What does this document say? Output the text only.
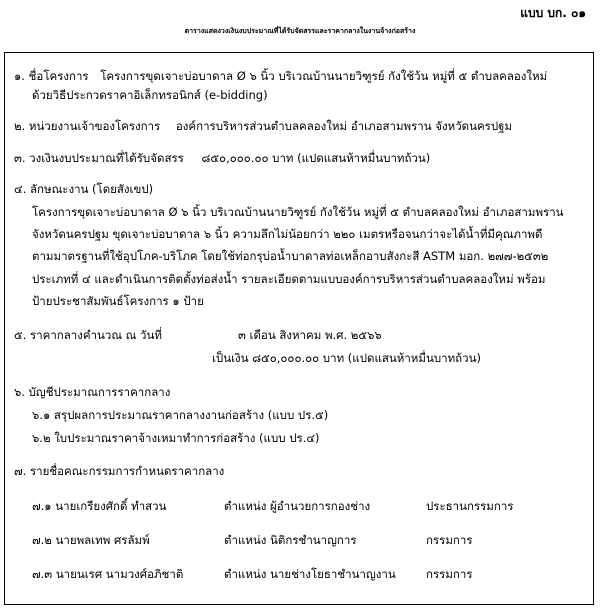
แบบ บก. ๐๑
ตารางแสดงวงเงินงบประมาณที่ได้รับจัดสรรและราคากลางในงานจ้างก่อสร้าง
๑. ชื่อโครงการ โครงการขุดเจาะบ่อบาดาล Ø ๖ นิ้ว บริเวณบ้านนายวิฑูรย์ กังใช้ว้น หมู่ที่ ๕ ตำบลคลองใหม่
ด้วยวิธีประกวดราคาอิเล็กทรอนิกส์ (e-bidding)
๒. หน่วยงานเจ้าของโครงการ องค์การบริหารส่วนตำบลคลองใหม่ อำเภอสามพราน จังหวัดนครปฐม
๓. วงเงินงบประมาณที่ได้รับจัดสรร ๘๕๐,๐๐๐.๐๐ บาท (แปดแสนห้าหมื่นบาทถ้วน)
๔. ลักษณะงาน (โดยสังเขป)
โครงการขุดเจาะบ่อบาดาล Ø ๖ นิ้ว บริเวณบ้านนายวิฑูรย์ กังใช้ว้น หมู่ที่ ๕ ตำบลคลองใหม่ อำเภอสามพราน
จังหวัดนครปฐม ขุดเจาะบ่อบาดาล ๖ นิ้ว ความลึกไม่น้อยกว่า ๒๒๐ เมตรหรือจนกว่าจะได้น้ำที่มีคุณภาพดี
ตามมาตรฐานที่ใช้อุปโภค-บริโภค โดยใช้ท่อกรุบ่อน้ำบาดาลท่อเหล็กอาบสังกะสี ASTM มอก. ๒๗๗-๒๕๓๒
ประเภทที่ ๔ และดำเนินการติดตั้งท่อส่งน้ำ รายละเอียดตามแบบองค์การบริหารส่วนตำบลคลองใหม่ พร้อม
ป้ายประชาสัมพันธ์โครงการ ๑ ป้าย
๕. ราคากลางคำนวณ ณ วันที่	๓ เดือน สิงหาคม พ.ศ. ๒๕๖๖
เป็นเงิน ๘๕๐,๐๐๐.๐๐ บาท (แปดแสนห้าหมื่นบาทถ้วน)
๖. บัญชีประมาณการราคากลาง
๖.๑ สรุปผลการประมาณราคากลางงานก่อสร้าง (แบบ ปร.๕)
๖.๒ ใบประมาณราคาจ้างเหมาทำการก่อสร้าง (แบบ ปร.๔)
๗. รายชื่อคณะกรรมการกำหนดราคากลาง
๗.๑ นายเกรียงศักดิ์ ทำสวน	ตำแหน่ง ผู้อำนวยการกองช่าง	ประธานกรรมการ
๗.๒ นายพลเทพ ศรลัมพ์	ตำแหน่ง นิติกรชำนาญการ	กรรมการ
๗.๓ นายนเรศ นามวงศ์อภิชาติ	ตำแหน่ง นายช่างโยธาชำนาญงาน	กรรมการ
